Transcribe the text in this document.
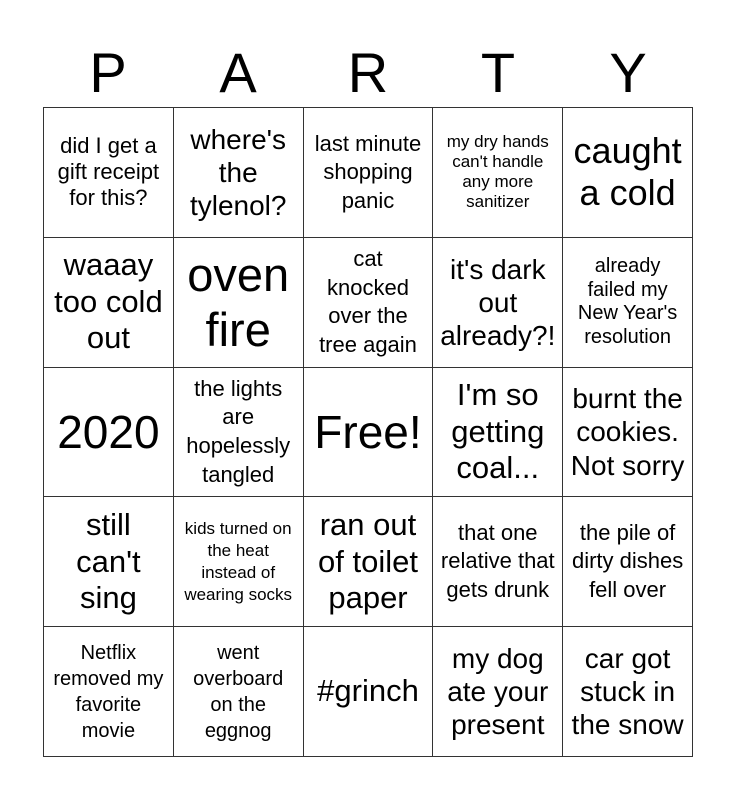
P	A	R	T	Y
did I get a gift receipt for this?
where's the tylenol?
last minute shopping panic
my dry hands can't handle any more sanitizer
caught a cold
waaay too cold out
oven fire
cat knocked over the tree again
it's dark out already?!
already failed my New Year's resolution
2020
the lights are hopelessly tangled
Free!
I'm so getting coal...
burnt the cookies. Not sorry
still can't sing
kids turned on the heat instead of wearing socks
ran out of toilet paper
that one relative that gets drunk
the pile of dirty dishes fell over
Netflix removed my favorite movie
went overboard on the eggnog
#grinch
my dog ate your present
car got stuck in the snow
